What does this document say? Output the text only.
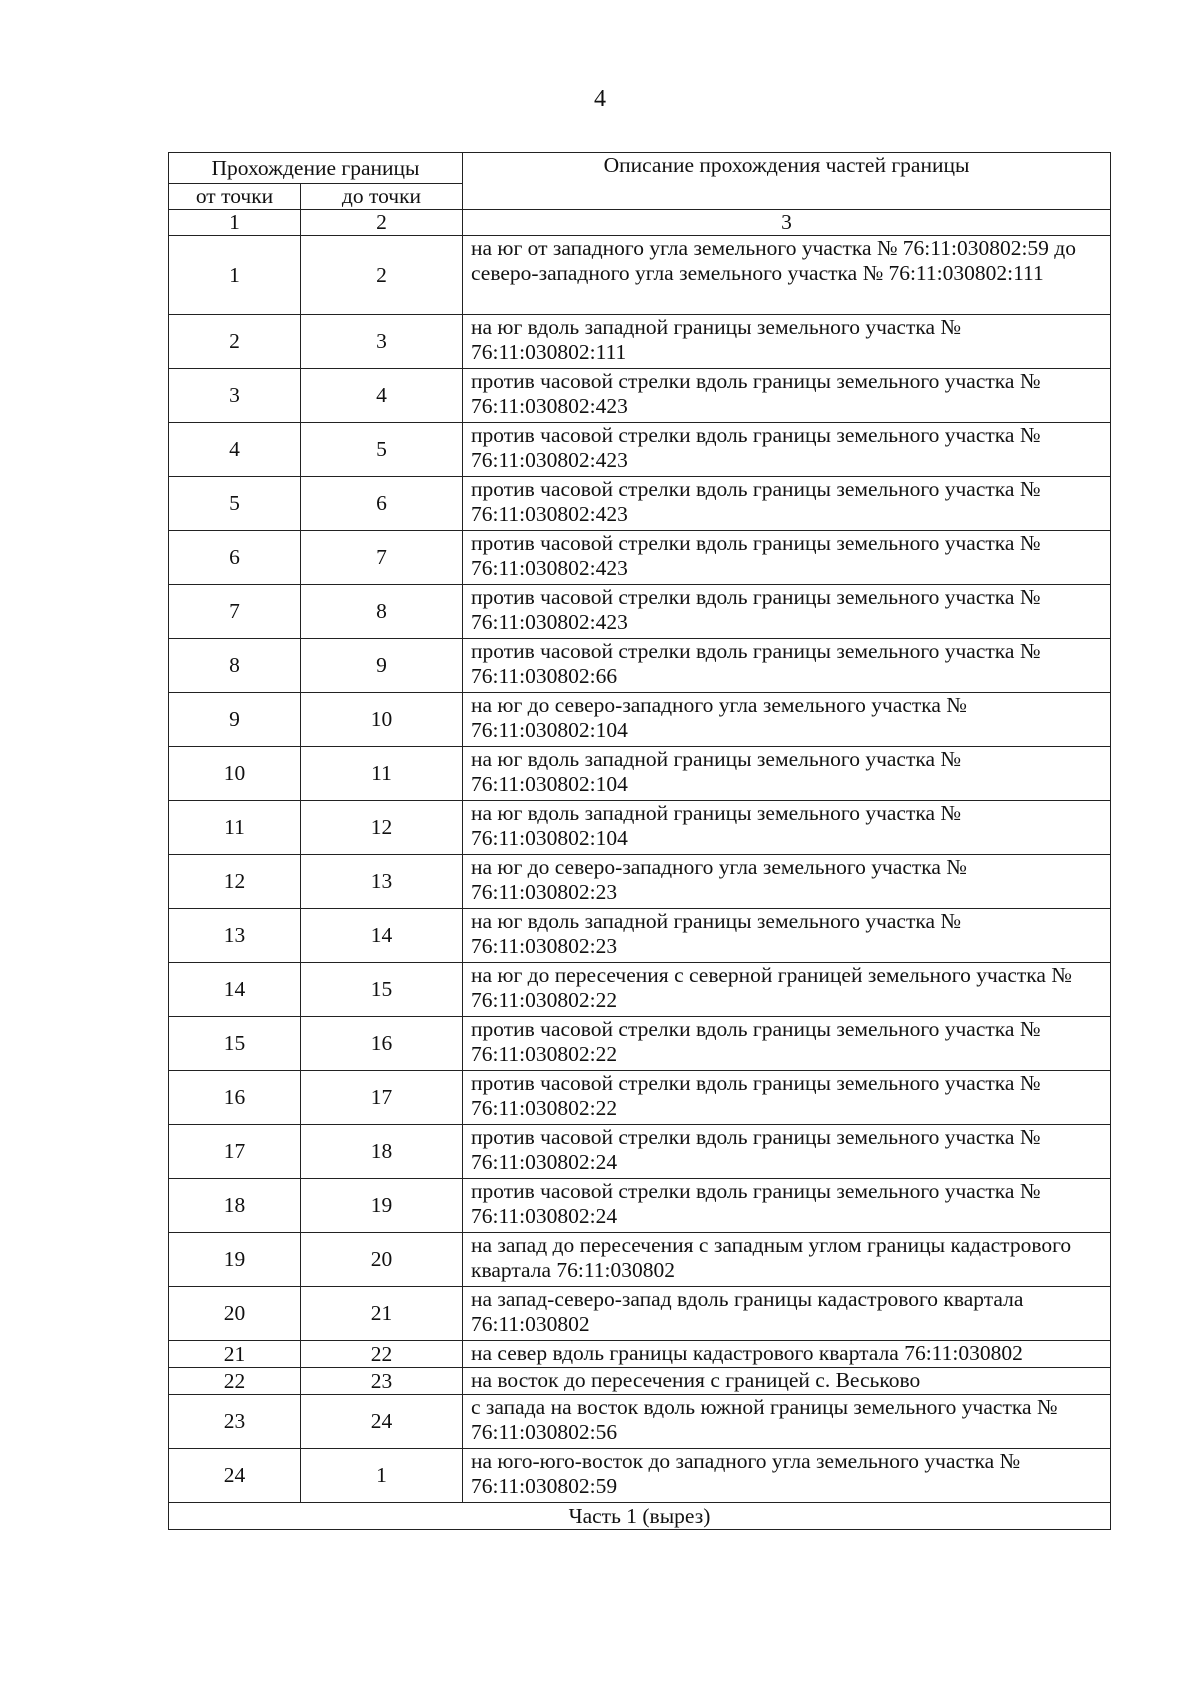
4
Прохождение границы		Описание прохождения частей границы
от точки	до точки	
1	2	3
1	2	на юг от западного угла земельного участка № 76:11:030802:59 до северо-западного угла земельного участка № 76:11:030802:111
2	3	на юг вдоль западной границы земельного участка № 76:11:030802:111
3	4	против часовой стрелки вдоль границы земельного участка № 76:11:030802:423
4	5	против часовой стрелки вдоль границы земельного участка № 76:11:030802:423
5	6	против часовой стрелки вдоль границы земельного участка № 76:11:030802:423
6	7	против часовой стрелки вдоль границы земельного участка № 76:11:030802:423
7	8	против часовой стрелки вдоль границы земельного участка № 76:11:030802:423
8	9	против часовой стрелки вдоль границы земельного участка № 76:11:030802:66
9	10	на юг до северо-западного угла земельного участка № 76:11:030802:104
10	11	на юг вдоль западной границы земельного участка № 76:11:030802:104
11	12	на юг вдоль западной границы земельного участка № 76:11:030802:104
12	13	на юг до северо-западного угла земельного участка № 76:11:030802:23
13	14	на юг вдоль западной границы земельного участка № 76:11:030802:23
14	15	на юг до пересечения с северной границей земельного участка № 76:11:030802:22
15	16	против часовой стрелки вдоль границы земельного участка № 76:11:030802:22
16	17	против часовой стрелки вдоль границы земельного участка № 76:11:030802:22
17	18	против часовой стрелки вдоль границы земельного участка № 76:11:030802:24
18	19	против часовой стрелки вдоль границы земельного участка № 76:11:030802:24
19	20	на запад до пересечения с западным углом границы кадастрового квартала 76:11:030802
20	21	на запад-северо-запад вдоль границы кадастрового квартала 76:11:030802
21	22	на север вдоль границы кадастрового квартала 76:11:030802
22	23	на восток до пересечения с границей с. Веськово
23	24	с запада на восток вдоль южной границы земельного участка № 76:11:030802:56
24	1	на юго-юго-восток до западного угла земельного участка № 76:11:030802:59
Часть 1 (вырез)		
